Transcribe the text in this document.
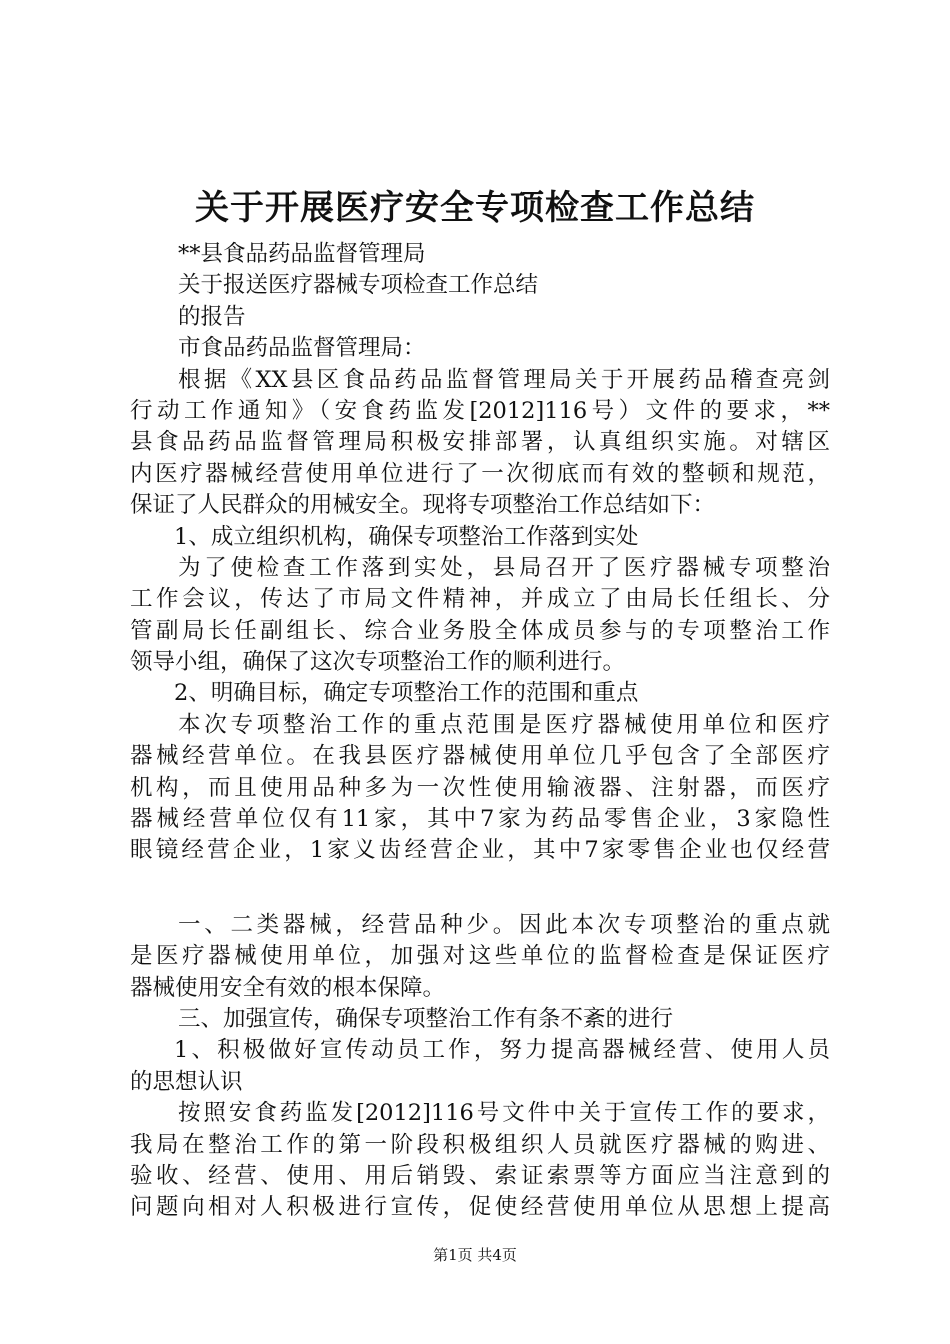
关于开展医疗安全专项检查工作总结
**县食品药品监督管理局
关于报送医疗器械专项检查工作总结
的报告
市食品药品监督管理局：
根据《XX县区食品药品监督管理局关于开展药品稽查亮剑
行动工作通知》（安食药监发[2012]116号）文件的要求，**
县食品药品监督管理局积极安排部署，认真组织实施。对辖区
内医疗器械经营使用单位进行了一次彻底而有效的整顿和规范，
保证了人民群众的用械安全。现将专项整治工作总结如下：
1、成立组织机构，确保专项整治工作落到实处
为了使检查工作落到实处，县局召开了医疗器械专项整治
工作会议，传达了市局文件精神，并成立了由局长任组长、分
管副局长任副组长、综合业务股全体成员参与的专项整治工作
领导小组，确保了这次专项整治工作的顺利进行。
2、明确目标，确定专项整治工作的范围和重点
本次专项整治工作的重点范围是医疗器械使用单位和医疗
器械经营单位。在我县医疗器械使用单位几乎包含了全部医疗
机构，而且使用品种多为一次性使用输液器、注射器，而医疗
器械经营单位仅有11家，其中7家为药品零售企业，3家隐性
眼镜经营企业，1家义齿经营企业，其中7家零售企业也仅经营
一、二类器械，经营品种少。因此本次专项整治的重点就
是医疗器械使用单位，加强对这些单位的监督检查是保证医疗
器械使用安全有效的根本保障。
三、加强宣传，确保专项整治工作有条不紊的进行
1、积极做好宣传动员工作，努力提高器械经营、使用人员
的思想认识
按照安食药监发[2012]116号文件中关于宣传工作的要求，
我局在整治工作的第一阶段积极组织人员就医疗器械的购进、
验收、经营、使用、用后销毁、索证索票等方面应当注意到的
问题向相对人积极进行宣传，促使经营使用单位从思想上提高
第1页 共4页
